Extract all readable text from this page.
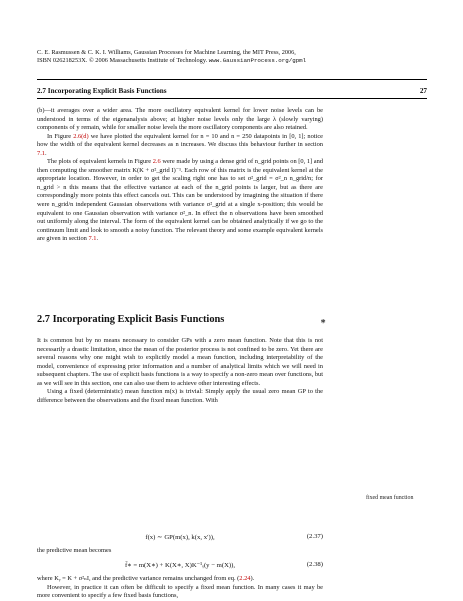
C. E. Rasmussen & C. K. I. Williams, Gaussian Processes for Machine Learning, the MIT Press, 2006,
ISBN 026218253X. © 2006 Massachusetts Institute of Technology. www.GaussianProcess.org/gpml
2.7 Incorporating Explicit Basis Functions	27

(b)—it averages over a wider area. The more oscillatory equivalent kernel for lower noise levels can be understood in terms of the eigenanalysis above; at higher noise levels only the large λ (slowly varying) components of y remain, while for smaller noise levels the more oscillatory components are also retained.

In Figure 2.6(d) we have plotted the equivalent kernel for n = 10 and n = 250 datapoints in [0, 1]; notice how the width of the equivalent kernel decreases as n increases. We discuss this behaviour further in section 7.1.

The plots of equivalent kernels in Figure 2.6 were made by using a dense grid of n_grid points on [0, 1] and then computing the smoother matrix K(K + σ²_grid I)⁻¹. Each row of this matrix is the equivalent kernel at the appropriate location. However, in order to get the scaling right one has to set σ²_grid = σ²_n n_grid/n; for n_grid > n this means that the effective variance at each of the n_grid points is larger, but as there are correspondingly more points this effect cancels out. This can be understood by imagining the situation if there were n_grid/n independent Gaussian observations with variance σ²_grid at a single x-position; this would be equivalent to one Gaussian observation with variance σ²_n. In effect the n observations have been smoothed out uniformly along the interval. The form of the equivalent kernel can be obtained analytically if we go to the continuum limit and look to smooth a noisy function. The relevant theory and some example equivalent kernels are given in section 7.1.

2.7 Incorporating Explicit Basis Functions	∗

It is common but by no means necessary to consider GPs with a zero mean function. Note that this is not necessarily a drastic limitation, since the mean of the posterior process is not confined to be zero. Yet there are several reasons why one might wish to explicitly model a mean function, including interpretability of the model, convenience of expressing prior information and a number of analytical limits which we will need in subsequent chapters. The use of explicit basis functions is a way to specify a non-zero mean over functions, but as we will see in this section, one can also use them to achieve other interesting effects.

Using a fixed (deterministic) mean function m(x) is trivial: Simply apply the usual zero mean GP to the difference between the observations and the fixed mean function. With

fixed mean function
f(x) ∼ GP(m(x), k(x, x′)),	(2.37)

the predictive mean becomes

f̄∗ = m(X∗) + K(X∗, X)K⁻¹ᵧ(y − m(X)),	(2.38)

where Kᵧ = K + σ²ₙI, and the predictive variance remains unchanged from eq. (2.24).

However, in practice it can often be difficult to specify a fixed mean function. In many cases it may be more convenient to specify a few fixed basis functions,
